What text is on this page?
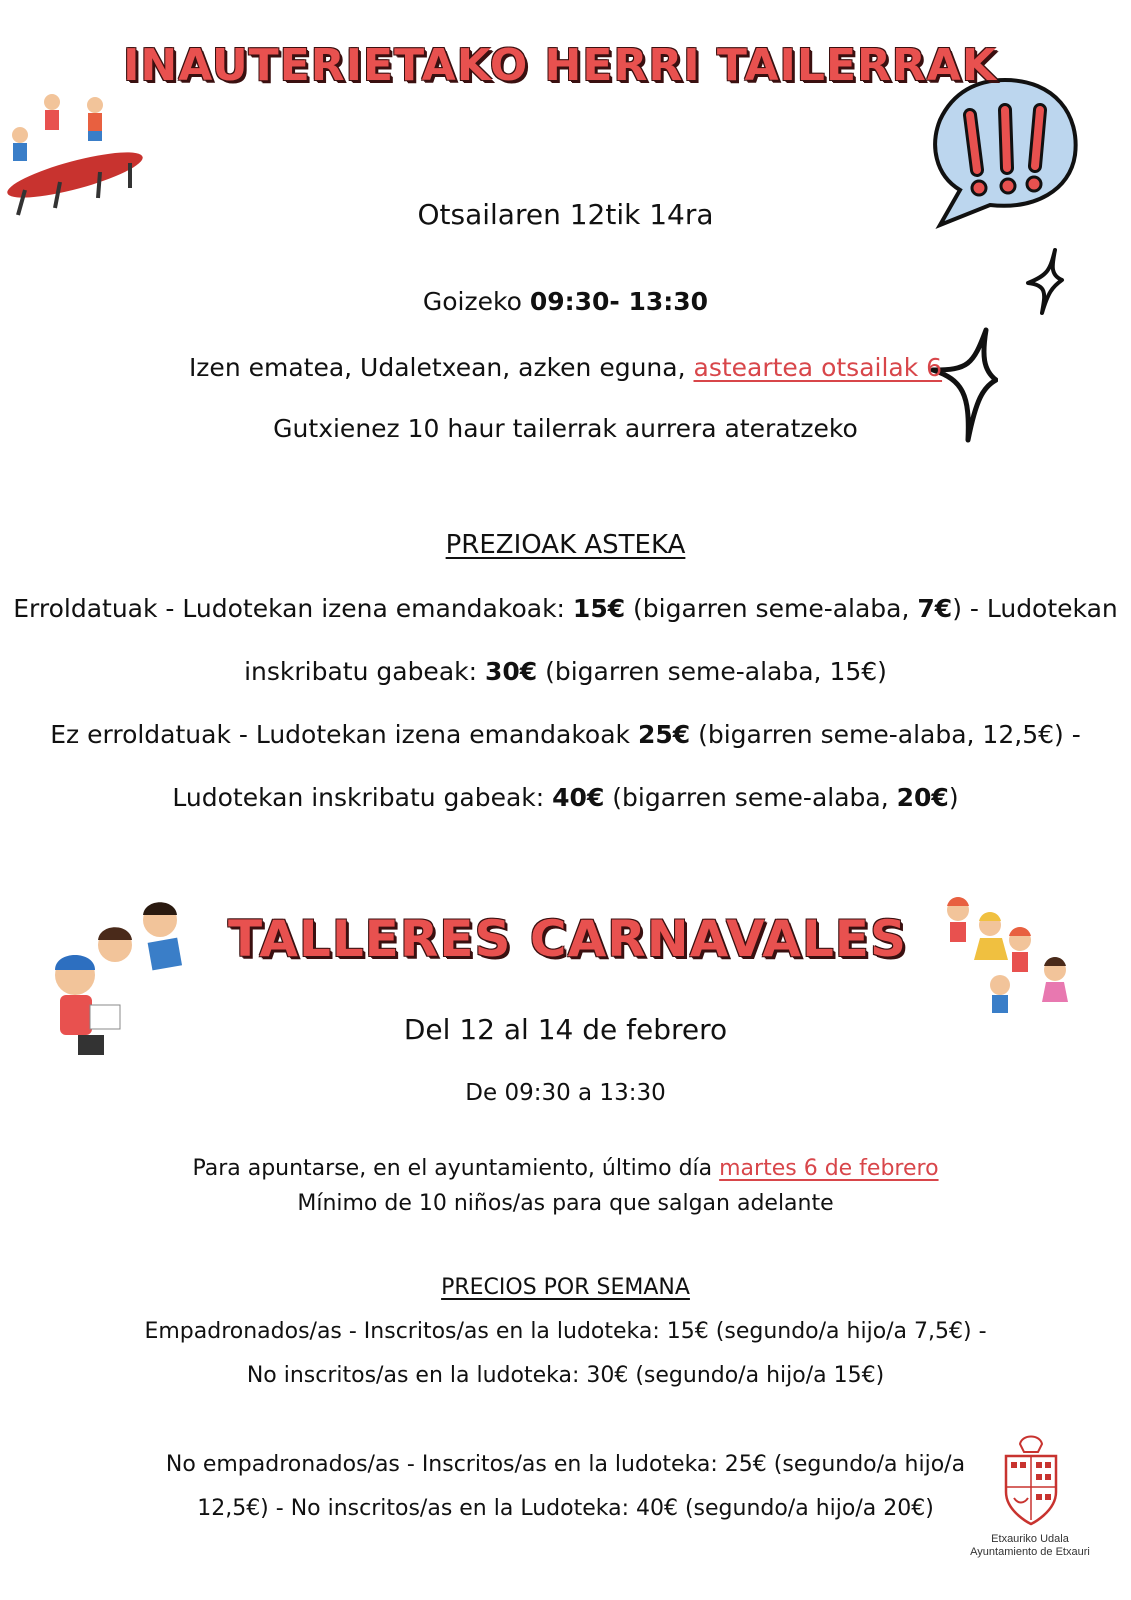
INAUTERIETAKO HERRI TAILERRAK
Otsailaren 12tik 14ra
Goizeko 09:30- 13:30
Izen ematea, Udaletxean, azken eguna, asteartea otsailak 6
Gutxienez 10 haur tailerrak aurrera ateratzeko
PREZIOAK ASTEKA
Erroldatuak - Ludotekan izena emandakoak: 15€ (bigarren seme-alaba, 7€) - Ludotekan
inskribatu gabeak: 30€ (bigarren seme-alaba, 15€)
Ez erroldatuak - Ludotekan izena emandakoak 25€ (bigarren seme-alaba, 12,5€) -
Ludotekan inskribatu gabeak: 40€ (bigarren seme-alaba, 20€)
TALLERES CARNAVALES
Del 12 al 14 de febrero
De 09:30 a 13:30
Para apuntarse, en el ayuntamiento, último día martes 6 de febrero
Mínimo de 10 niños/as para que salgan adelante
PRECIOS POR SEMANA
Empadronados/as - Inscritos/as en la ludoteka: 15€ (segundo/a hijo/a 7,5€) -
No inscritos/as en la ludoteka: 30€ (segundo/a hijo/a 15€)
No empadronados/as - Inscritos/as en la ludoteka: 25€ (segundo/a hijo/a
12,5€) - No inscritos/as en la Ludoteka: 40€ (segundo/a hijo/a 20€)
Etxauriko Udala
Ayuntamiento de Etxauri
